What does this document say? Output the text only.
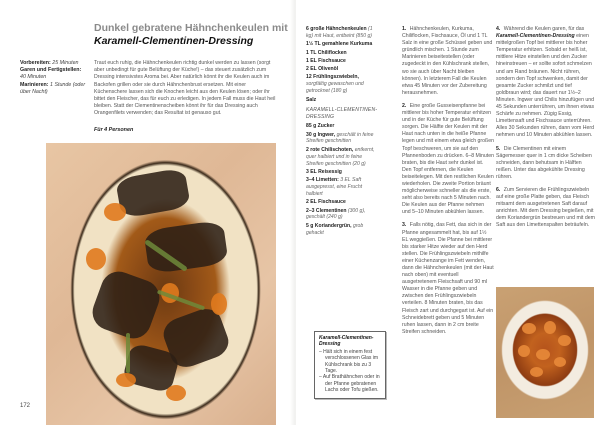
Dunkel gebratene Hähnchenkeulen mit
Karamell-Clementinen-Dressing
Vorbereiten: 25 Minuten
Garen und Fertigstellen:
40 Minuten
Marinieren: 1 Stunde (oder über Nacht)
Traut euch ruhig, die Hähnchenkeulen richtig dunkel werden zu lassen (sorgt aber unbedingt für gute Belüftung der Küche!) – das steuert zusätzlich zum Dressing intensivstes Aroma bei. Aber natürlich könnt ihr die Keulen auch im Backofen grillen oder sie durch Hähnchenbrust ersetzen. Mit einer Küchenschere lassen sich die Knochen leicht aus den Keulen lösen; oder ihr bittet den Fleischer, das für euch zu erledigen. In jedem Fall muss die Haut heil bleiben. Statt der Clementinenscheiben könnt ihr für das Dressing auch Orangenfilets verwenden; das Resultat ist genauso gut.
Für 4 Personen
172
6 große Hähnchenkeulen (1 kg) mit Haut, entbeint (850 g)
1½ TL gemahlene Kurkuma
1 TL Chiliflocken
1 EL Fischsauce
2 EL Olivenöl
12 Frühlingszwiebeln, sorgfältig gewaschen und getrocknet (180 g)
Salz
KARAMELL-CLEMENTINEN-DRESSING
85 g Zucker
30 g Ingwer, geschält in feine Streifen geschnitten
2 rote Chilischoten, entkernt, quer halbiert und in feine Streifen geschnitten (20 g)
3 EL Reisessig
3–4 Limetten: 3 EL Saft ausgepresst, eine Frucht halbiert
2 EL Fischsauce
2–3 Clementinen (300 g), geschält (240 g)
5 g Koriandergrün, grob gehackt
Karamell-Clementinen-Dressing
– Hält sich in einem fest verschlossenen Glas im Kühlschrank bis zu 3 Tage.
– Auf Brathähnchen oder in der Pfanne gebratenen Lachs oder Tofu gießen.
1. Hähnchenkeulen, Kurkuma, Chiliflocken, Fischsauce, Öl und 1 TL Salz in eine große Schüssel geben und gründlich mischen. 1 Stunde zum Marinieren beiseitestellen (oder zugedeckt in den Kühlschrank stellen, wo sie auch über Nacht bleiben können). In letzterem Fall die Keulen etwa 45 Minuten vor der Zubereitung herausnehmen.
2. Eine große Gusseisenpfanne bei mittlerer bis hoher Temperatur erhitzen und in der Küche für gute Belüftung sorgen. Die Hälfte der Keulen mit der Haut nach unten in die heiße Pfanne legen und mit einem etwa gleich großen Topf beschweren, um sie auf den Pfannenboden zu drücken. 6–8 Minuten braten, bis die Haut sehr dunkel ist. Den Topf entfernen, die Keulen beiseitelegen. Mit den restlichen Keulen wiederholen. Die zweite Portion bräunt möglicherweise schneller als die erste, seht also bereits nach 5 Minuten nach. Die Keulen aus der Pfanne nehmen und 5–10 Minuten abkühlen lassen.
3. Falls nötig, das Fett, das sich in der Pfanne angesammelt hat, bis auf 1½ EL weggießen. Die Pfanne bei mittlerer bis starker Hitze wieder auf den Herd stellen. Die Frühlingszwiebeln mithilfe einer Küchenzange im Fett wenden, dann die Hähnchenkeulen (mit der Haut nach oben) mit eventuell ausgetretenem Fleischsaft und 90 ml Wasser in die Pfanne geben und zwischen den Frühlingszwiebeln verteilen. 8 Minuten braten, bis das Fleisch zart und durchgegart ist. Auf ein Schneidebrett geben und 5 Minuten ruhen lassen, dann in 2 cm breite Streifen schneiden.
4. Während die Keulen garen, für das Karamell-Clementinen-Dressing einen mittelgroßen Topf bei mittlerer bis hoher Temperatur erhitzen. Sobald er heiß ist, mittlere Hitze einstellen und den Zucker hineinstreuen – er sollte sofort schmelzen und am Rand bräunen. Nicht rühren, sondern den Topf schwenken, damit der gesamte Zucker schmilzt und tief goldbraun wird; das dauert nur 1½–2 Minuten. Ingwer und Chilis hinzufügen und 45 Sekunden unterrühren, um ihnen etwas Schärfe zu nehmen. Zügig Essig, Limettensaft und Fischsauce unterrühren. Alles 30 Sekunden rühren, dann vom Herd nehmen und 10 Minuten abkühlen lassen.
5. Die Clementinen mit einem Sägemesser quer in 1 cm dicke Scheiben schneiden, dann behutsam in Hälften reißen. Unter das abgekühlte Dressing rühren.
6. Zum Servieren die Frühlingszwiebeln auf eine große Platte geben, das Fleisch mitsamt dem ausgetretenen Saft darauf anrichten. Mit dem Dressing begießen, mit dem Koriandergrün bestreuen und mit dem Saft aus den Limettenspalten beträufeln.
